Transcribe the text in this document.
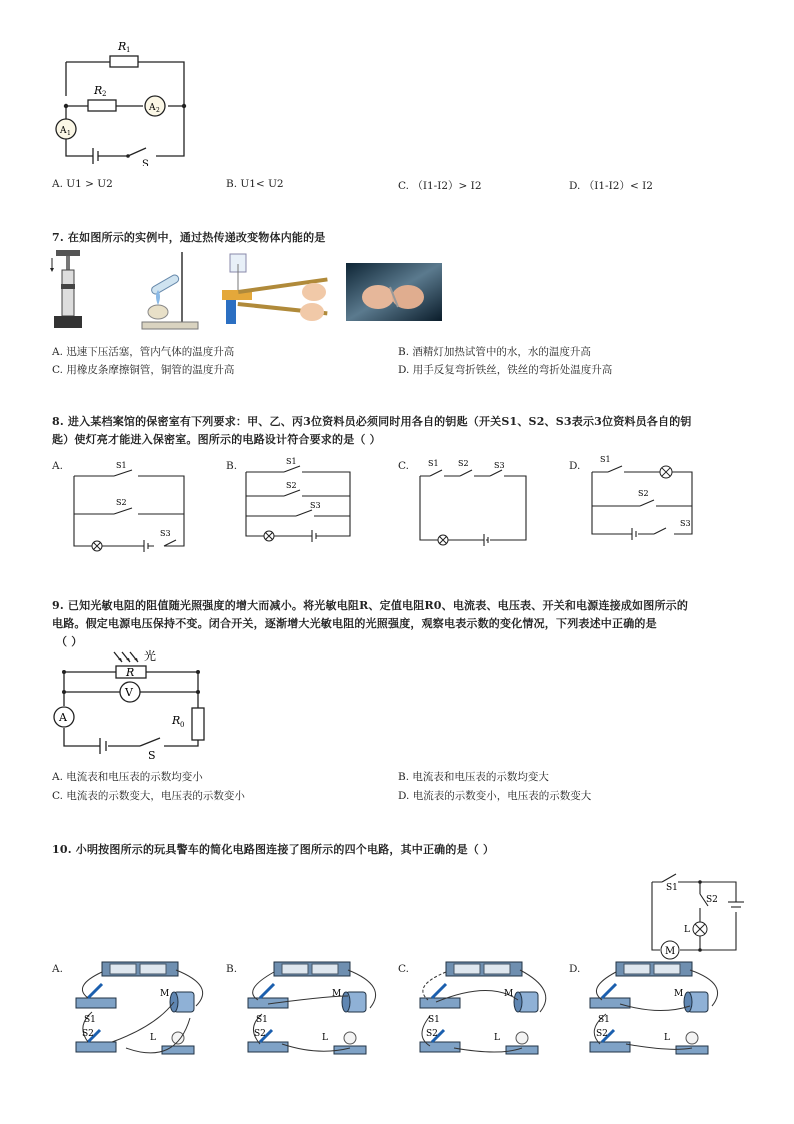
R 1
R 2
A 2
A 1
S
A. U1 > U2	B. U1< U2	C. （I1-I2）> I2	D. （I1-I2）< I2
7. 在如图所示的实例中，通过热传递改变物体内能的是
A. 迅速下压活塞，管内气体的温度升高	B. 酒精灯加热试管中的水，水的温度升高
C. 用橡皮条摩擦铜管，铜管的温度升高	D. 用手反复弯折铁丝，铁丝的弯折处温度升高
8. 进入某档案馆的保密室有下列要求：甲、乙、丙3位资料员必须同时用各自的钥匙（开关S1、S2、S3表示3位资料员各自的钥
匙）使灯亮才能进入保密室。图所示的电路设计符合要求的是（ ）
A.	S1
S2
S3
B.	S1
S2
S3
C. S1 S2	S3	D.
S1
S2
S3
9. 已知光敏电阻的阻值随光照强度的增大而减小。将光敏电阻R、定值电阻R0、电流表、电压表、开关和电源连接成如图所示的
电路。假定电源电压保持不变。闭合开关，逐渐增大光敏电阻的光照强度，观察电表示数的变化情况，下列表述中正确的是
（ ）
光
R
V
A	R 0
S
A. 电流表和电压表的示数均变小	B. 电流表和电压表的示数均变大
C. 电流表的示数变大，电压表的示数变小	D. 电流表的示数变小，电压表的示数变大
10. 小明按图所示的玩具警车的简化电路图连接了图所示的四个电路，其中正确的是（ ）
S1
S2
L
M
A.	B.	C.	D.
M
S1
S2	L
M
S1
S2	L
M
S1
S2	L
M
S1
S2	L
